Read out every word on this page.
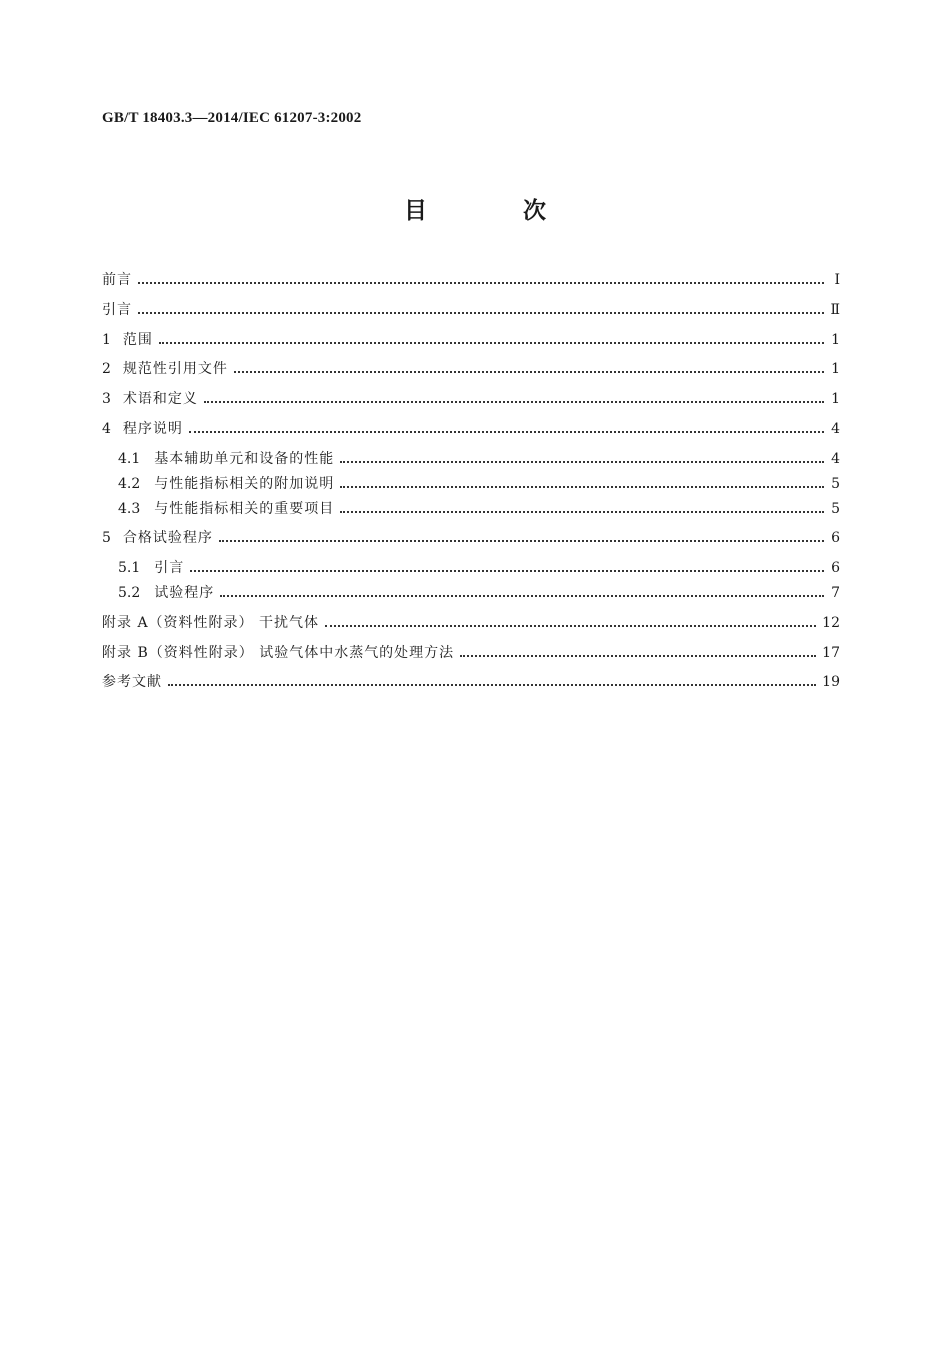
GB/T 18403.3—2014/IEC 61207-3:2002
目 次
前言	Ⅰ
引言	Ⅱ
1 范围	1
2 规范性引用文件	1
3 术语和定义	1
4 程序说明	4
4.1 基本辅助单元和设备的性能	4
4.2 与性能指标相关的附加说明	5
4.3 与性能指标相关的重要项目	5
5 合格试验程序	6
5.1 引言	6
5.2 试验程序	7
附录 A（资料性附录） 干扰气体	12
附录 B（资料性附录） 试验气体中水蒸气的处理方法	17
参考文献	19
